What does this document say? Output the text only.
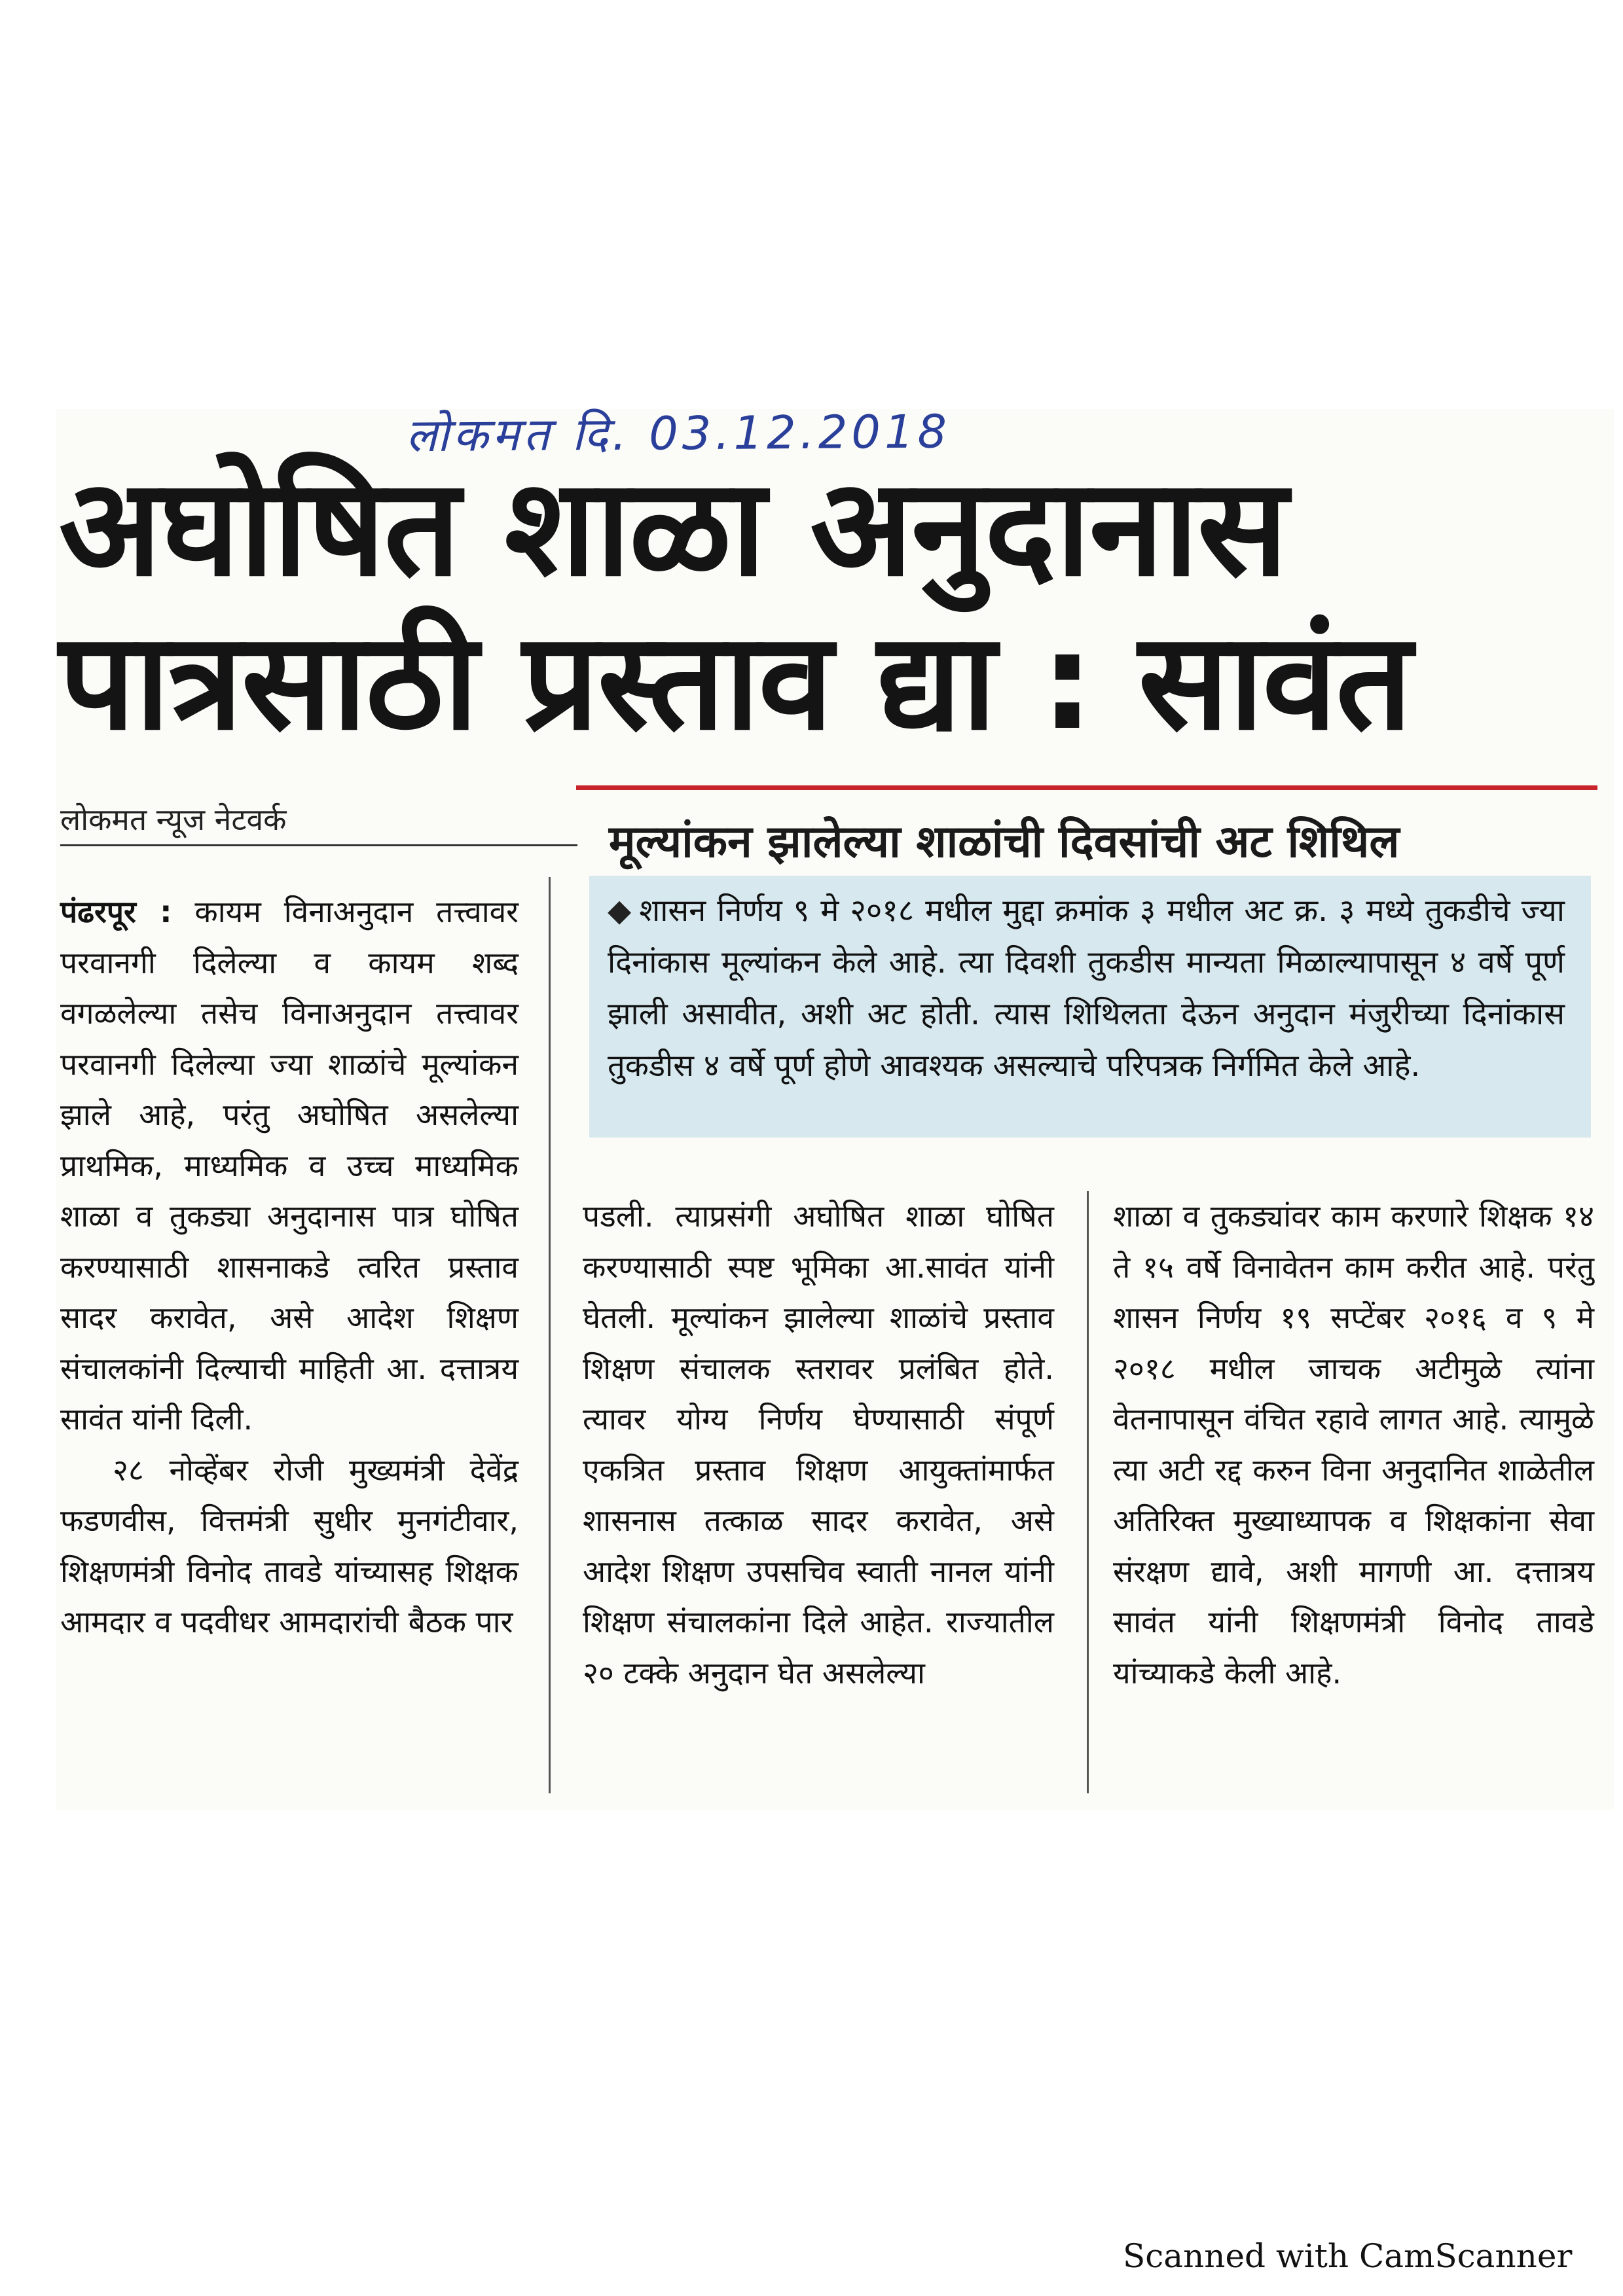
लोकमत दि. 03.12.2018
अघोषित शाळा अनुदानास
पात्रसाठी प्रस्ताव द्या : सावंत
लोकमत न्यूज नेटवर्क	मूल्यांकन झालेल्या शाळांची दिवसांची अट शिथिल

◆ शासन निर्णय ९ मे २०१८ मधील मुद्दा क्रमांक ३ मधील अट क्र. ३ मध्ये तुकडीचे ज्या दिनांकास मूल्यांकन केले आहे. त्या दिवशी तुकडीस मान्यता मिळाल्यापासून ४ वर्षे पूर्ण झाली असावीत, अशी अट होती. त्यास शिथिलता देऊन अनुदान मंजुरीच्या दिनांकास तुकडीस ४ वर्षे पूर्ण होणे आवश्यक असल्याचे परिपत्रक निर्गमित केले आहे.

पंढरपूर : कायम विनाअनुदान तत्त्वावर परवानगी दिलेल्या व कायम शब्द वगळलेल्या तसेच विनाअनुदान तत्त्वावर परवानगी दिलेल्या ज्या शाळांचे मूल्यांकन झाले आहे, परंतु अघोषित असलेल्या प्राथमिक, माध्यमिक व उच्च माध्यमिक शाळा व तुकड्या अनुदानास पात्र घोषित करण्यासाठी शासनाकडे त्वरित प्रस्ताव सादर करावेत, असे आदेश शिक्षण संचालकांनी दिल्याची माहिती आ. दत्तात्रय सावंत यांनी दिली.

२८ नोव्हेंबर रोजी मुख्यमंत्री देवेंद्र फडणवीस, वित्तमंत्री सुधीर मुनगंटीवार, शिक्षणमंत्री विनोद तावडे यांच्यासह शिक्षक आमदार व पदवीधर आमदारांची बैठक पार

पडली. त्याप्रसंगी अघोषित शाळा घोषित करण्यासाठी स्पष्ट भूमिका आ.सावंत यांनी घेतली. मूल्यांकन झालेल्या शाळांचे प्रस्ताव शिक्षण संचालक स्तरावर प्रलंबित होते. त्यावर योग्य निर्णय घेण्यासाठी संपूर्ण एकत्रित प्रस्ताव शिक्षण आयुक्तांमार्फत शासनास तत्काळ सादर करावेत, असे आदेश शिक्षण उपसचिव स्वाती नानल यांनी शिक्षण संचालकांना दिले आहेत. राज्यातील २० टक्के अनुदान घेत असलेल्या

शाळा व तुकड्यांवर काम करणारे शिक्षक १४ ते १५ वर्षे विनावेतन काम करीत आहे. परंतु शासन निर्णय १९ सप्टेंबर २०१६ व ९ मे २०१८ मधील जाचक अटीमुळे त्यांना वेतनापासून वंचित रहावे लागत आहे. त्यामुळे त्या अटी रद्द करुन विना अनुदानित शाळेतील अतिरिक्त मुख्याध्यापक व शिक्षकांना सेवा संरक्षण द्यावे, अशी मागणी आ. दत्तात्रय सावंत यांनी शिक्षणमंत्री विनोद तावडे यांच्याकडे केली आहे.

Scanned with CamScanner
